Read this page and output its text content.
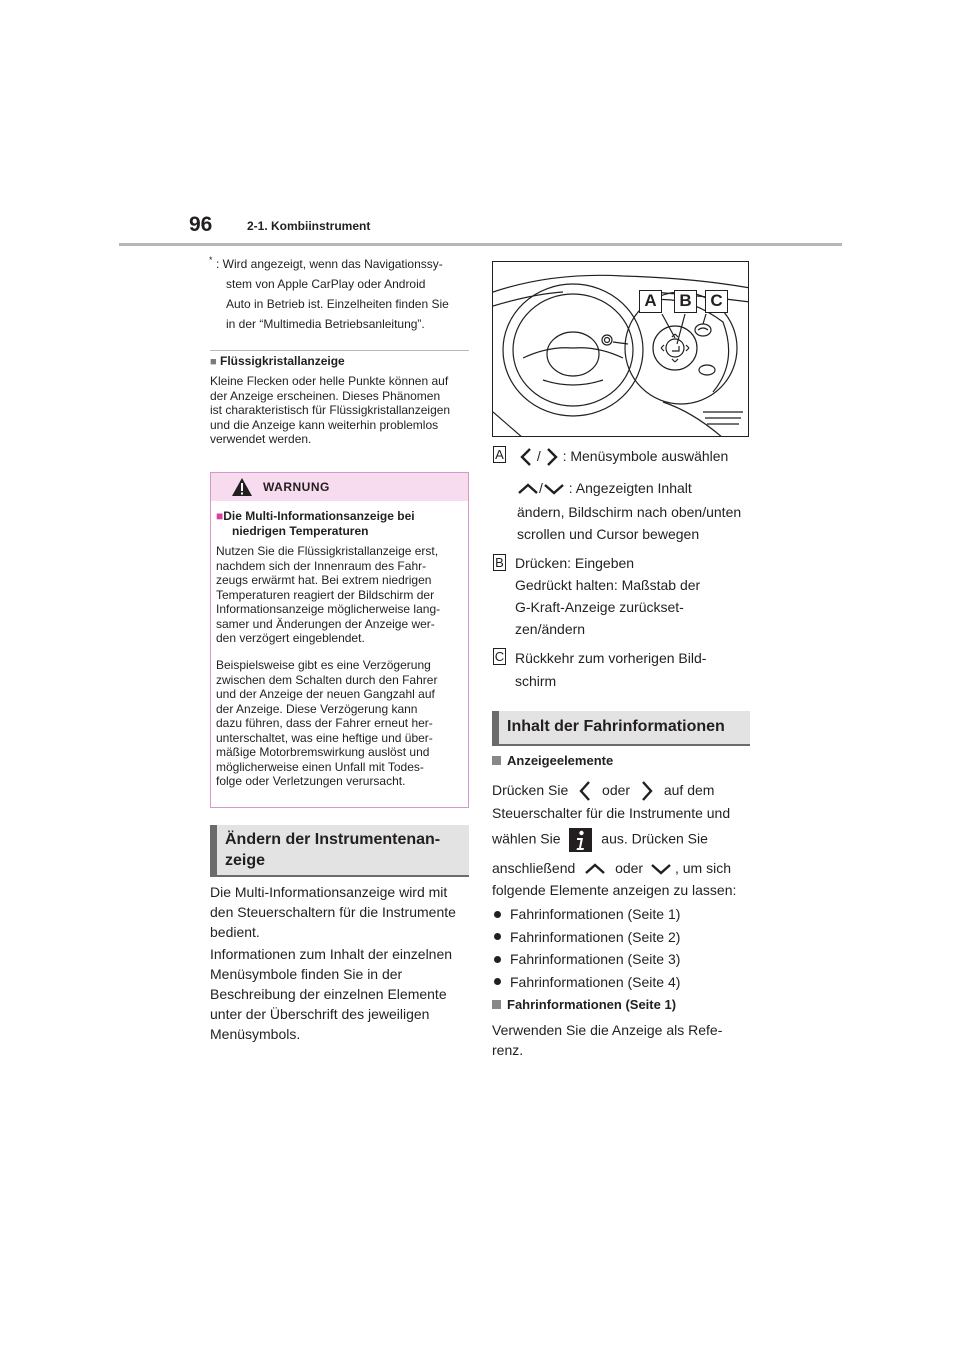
96	2-1. Kombiinstrument
* : Wird angezeigt, wenn das Navigationssy-
stem von Apple CarPlay oder Android
Auto in Betrieb ist. Einzelheiten finden Sie
in der “Multimedia Betriebsanleitung”.
■ Flüssigkristallanzeige
Kleine Flecken oder helle Punkte können auf
der Anzeige erscheinen. Dieses Phänomen
ist charakteristisch für Flüssigkristallanzeigen
und die Anzeige kann weiterhin problemlos
verwendet werden.
WARNUNG
■Die Multi-Informationsanzeige bei
niedrigen Temperaturen
Nutzen Sie die Flüssigkristallanzeige erst,
nachdem sich der Innenraum des Fahr-
zeugs erwärmt hat. Bei extrem niedrigen
Temperaturen reagiert der Bildschirm der
Informationsanzeige möglicherweise lang-
samer und Änderungen der Anzeige wer-
den verzögert eingeblendet.
Beispielsweise gibt es eine Verzögerung
zwischen dem Schalten durch den Fahrer
und der Anzeige der neuen Gangzahl auf
der Anzeige. Diese Verzögerung kann
dazu führen, dass der Fahrer erneut her-
unterschaltet, was eine heftige und über-
mäßige Motorbremswirkung auslöst und
möglicherweise einen Unfall mit Todes-
folge oder Verletzungen verursacht.
Ändern der Instrumentenan-
zeige
Die Multi-Informationsanzeige wird mit
den Steuerschaltern für die Instrumente
bedient.
Informationen zum Inhalt der einzelnen
Menüsymbole finden Sie in der
Beschreibung der einzelnen Elemente
unter der Überschrift des jeweiligen
Menüsymbols.
A	B	C
A	/ : Menüsymbole auswählen
/ : Angezeigten Inhalt
ändern, Bildschirm nach oben/unten
scrollen und Cursor bewegen
B Drücken: Eingeben
Gedrückt halten: Maßstab der
G-Kraft-Anzeige zurückset-
zen/ändern
C Rückkehr zum vorherigen Bild-
schirm
Inhalt der Fahrinformationen
Anzeigeelemente
Drücken Sie oder auf dem
Steuerschalter für die Instrumente und
wählen Sie	aus. Drücken Sie
anschließend	oder , um sich
folgende Elemente anzeigen zu lassen:
Fahrinformationen (Seite 1)
Fahrinformationen (Seite 2)
Fahrinformationen (Seite 3)
Fahrinformationen (Seite 4)
Fahrinformationen (Seite 1)
Verwenden Sie die Anzeige als Refe-
renz.
